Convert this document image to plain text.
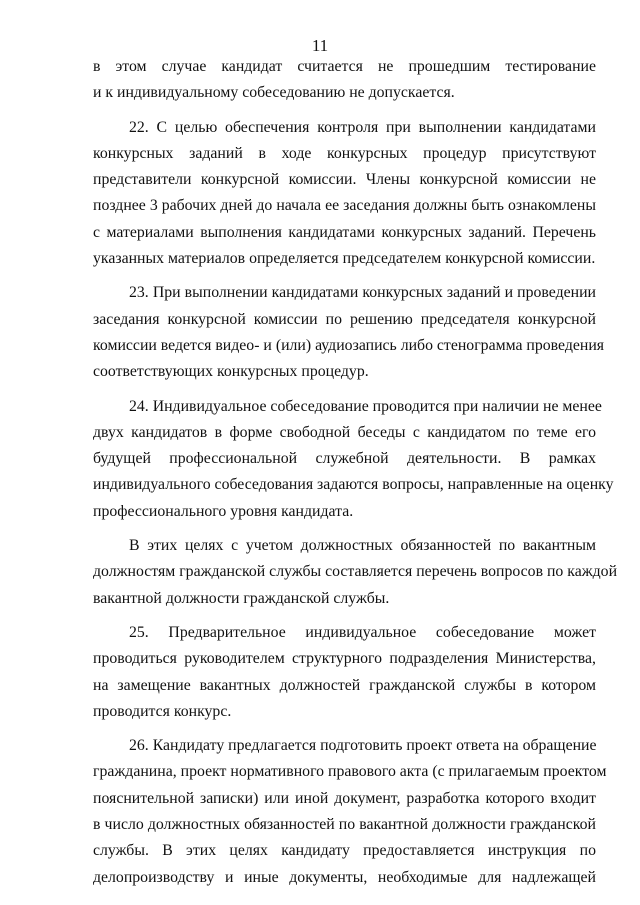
11
в этом случае кандидат считается не прошедшим тестирование
и к индивидуальному собеседованию не допускается.
22. С целью обеспечения контроля при выполнении кандидатами
конкурсных заданий в ходе конкурсных процедур присутствуют
представители конкурсной комиссии. Члены конкурсной комиссии не
позднее 3 рабочих дней до начала ее заседания должны быть ознакомлены
с материалами выполнения кандидатами конкурсных заданий. Перечень
указанных материалов определяется председателем конкурсной комиссии.
23. При выполнении кандидатами конкурсных заданий и проведении
заседания конкурсной комиссии по решению председателя конкурсной
комиссии ведется видео- и (или) аудиозапись либо стенограмма проведения
соответствующих конкурсных процедур.
24. Индивидуальное собеседование проводится при наличии не менее
двух кандидатов в форме свободной беседы с кандидатом по теме его
будущей профессиональной служебной деятельности. В рамках
индивидуального собеседования задаются вопросы, направленные на оценку
профессионального уровня кандидата.
В этих целях с учетом должностных обязанностей по вакантным
должностям гражданской службы составляется перечень вопросов по каждой
вакантной должности гражданской службы.
25. Предварительное индивидуальное собеседование может
проводиться руководителем структурного подразделения Министерства,
на замещение вакантных должностей гражданской службы в котором
проводится конкурс.
26. Кандидату предлагается подготовить проект ответа на обращение
гражданина, проект нормативного правового акта (с прилагаемым проектом
пояснительной записки) или иной документ, разработка которого входит
в число должностных обязанностей по вакантной должности гражданской
службы. В этих целях кандидату предоставляется инструкция по
делопроизводству и иные документы, необходимые для надлежащей
